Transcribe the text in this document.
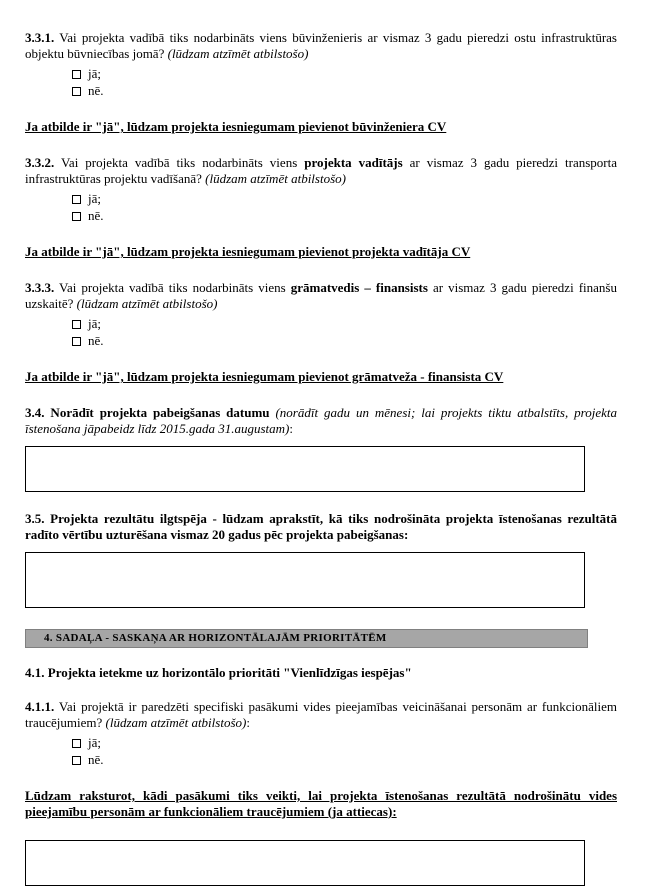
3.3.1. Vai projekta vadībā tiks nodarbināts viens būvinženieris ar vismaz 3 gadu pieredzi ostu infrastruktūras objektu būvniecības jomā? (lūdzam atzīmēt atbilstošo)

jā;
nē.

Ja atbilde ir "jā", lūdzam projekta iesniegumam pievienot būvinženiera CV

3.3.2. Vai projekta vadībā tiks nodarbināts viens projekta vadītājs ar vismaz 3 gadu pieredzi transporta infrastruktūras projektu vadīšanā? (lūdzam atzīmēt atbilstošo)

jā;
nē.

Ja atbilde ir "jā", lūdzam projekta iesniegumam pievienot projekta vadītāja CV

3.3.3. Vai projekta vadībā tiks nodarbināts viens grāmatvedis – finansists ar vismaz 3 gadu pieredzi finanšu uzskaitē? (lūdzam atzīmēt atbilstošo)

jā;
nē.

Ja atbilde ir "jā", lūdzam projekta iesniegumam pievienot grāmatveža - finansista CV

3.4. Norādīt projekta pabeigšanas datumu (norādīt gadu un mēnesi; lai projekts tiktu atbalstīts, projekta īstenošana jāpabeidz līdz 2015.gada 31.augustam):

3.5. Projekta rezultātu ilgtspēja - lūdzam aprakstīt, kā tiks nodrošināta projekta īstenošanas rezultātā radīto vērtību uzturēšana vismaz 20 gadus pēc projekta pabeigšanas:

4. SADAĻA - SASKAŅA AR HORIZONTĀLAJĀM PRIORITĀTĒM

4.1. Projekta ietekme uz horizontālo prioritāti "Vienlīdzīgas iespējas"

4.1.1. Vai projektā ir paredzēti specifiski pasākumi vides pieejamības veicināšanai personām ar funkcionāliem traucējumiem? (lūdzam atzīmēt atbilstošo):

jā;
nē.

Lūdzam raksturot, kādi pasākumi tiks veikti, lai projekta īstenošanas rezultātā nodrošinātu vides pieejamību personām ar funkcionāliem traucējumiem (ja attiecas):
